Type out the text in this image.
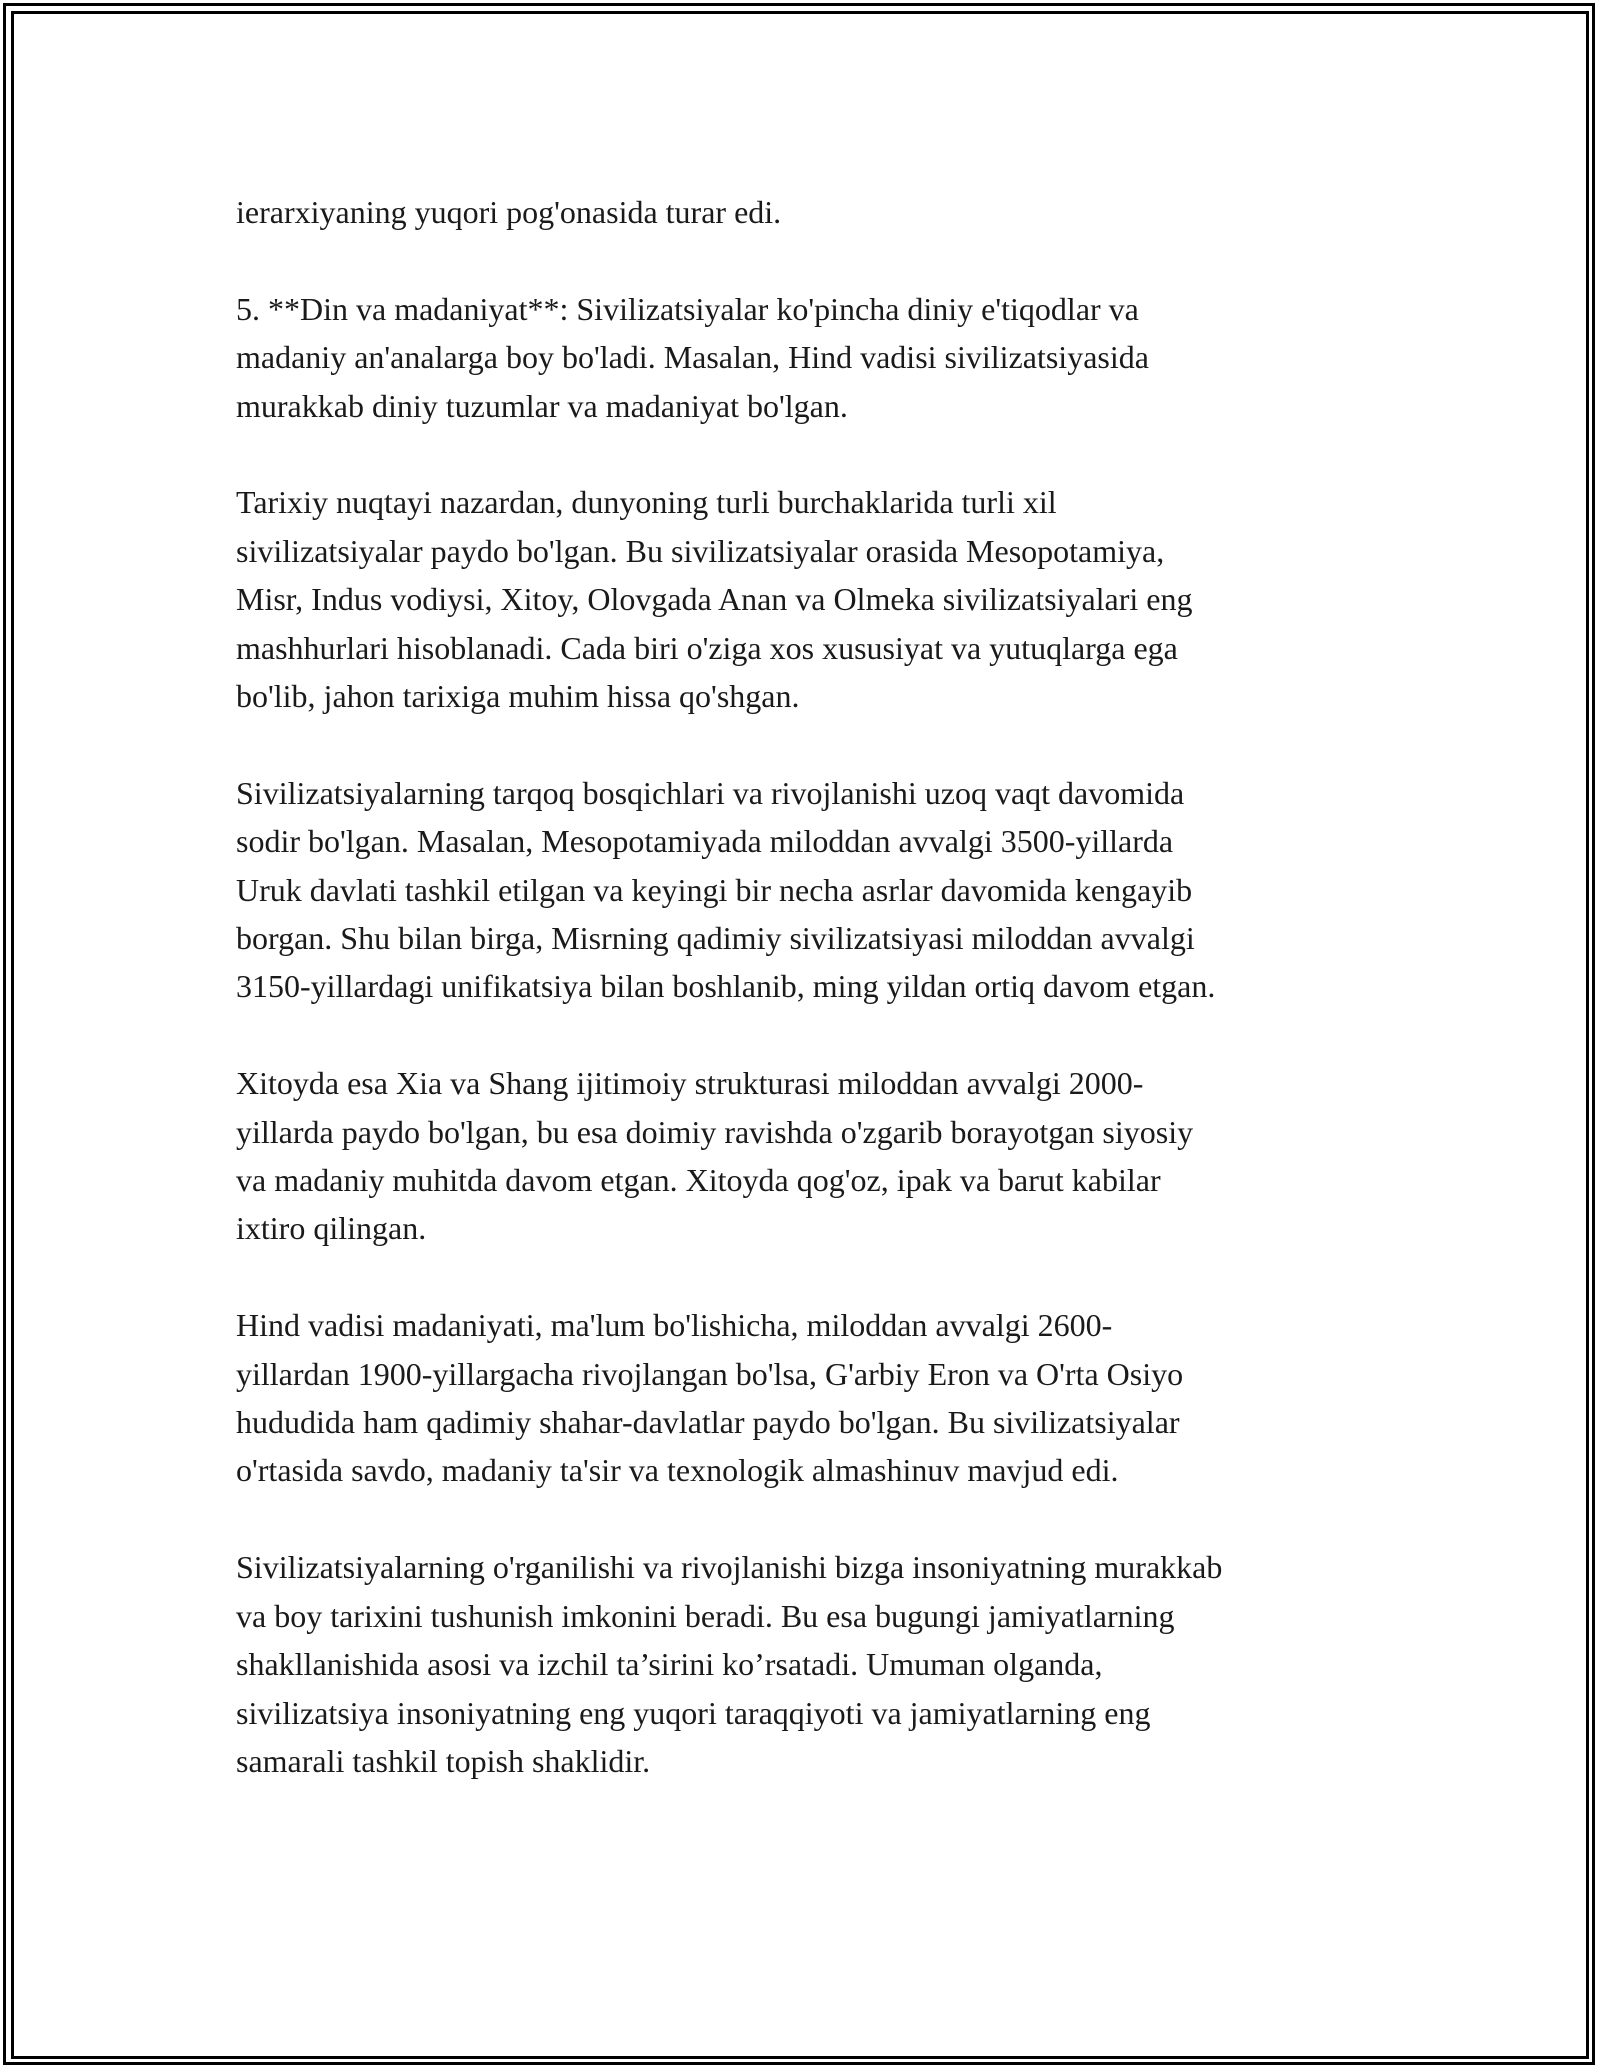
ierarxiyaning yuqori pog'onasida turar edi.

5. **Din va madaniyat**: Sivilizatsiyalar ko'pincha diniy e'tiqodlar va
madaniy an'analarga boy bo'ladi. Masalan, Hind vadisi sivilizatsiyasida
murakkab diniy tuzumlar va madaniyat bo'lgan.

Tarixiy nuqtayi nazardan, dunyoning turli burchaklarida turli xil
sivilizatsiyalar paydo bo'lgan. Bu sivilizatsiyalar orasida Mesopotamiya,
Misr, Indus vodiysi, Xitoy, Olovgada Anan va Olmeka sivilizatsiyalari eng
mashhurlari hisoblanadi. Cada biri o'ziga xos xususiyat va yutuqlarga ega
bo'lib, jahon tarixiga muhim hissa qo'shgan.

Sivilizatsiyalarning tarqoq bosqichlari va rivojlanishi uzoq vaqt davomida
sodir bo'lgan. Masalan, Mesopotamiyada miloddan avvalgi 3500-yillarda
Uruk davlati tashkil etilgan va keyingi bir necha asrlar davomida kengayib
borgan. Shu bilan birga, Misrning qadimiy sivilizatsiyasi miloddan avvalgi
3150-yillardagi unifikatsiya bilan boshlanib, ming yildan ortiq davom etgan.

Xitoyda esa Xia va Shang ijitimoiy strukturasi miloddan avvalgi 2000-
yillarda paydo bo'lgan, bu esa doimiy ravishda o'zgarib borayotgan siyosiy
va madaniy muhitda davom etgan. Xitoyda qog'oz, ipak va barut kabilar
ixtiro qilingan.

Hind vadisi madaniyati, ma'lum bo'lishicha, miloddan avvalgi 2600-
yillardan 1900-yillargacha rivojlangan bo'lsa, G'arbiy Eron va O'rta Osiyo
hududida ham qadimiy shahar-davlatlar paydo bo'lgan. Bu sivilizatsiyalar
o'rtasida savdo, madaniy ta'sir va texnologik almashinuv mavjud edi.

Sivilizatsiyalarning o'rganilishi va rivojlanishi bizga insoniyatning murakkab
va boy tarixini tushunish imkonini beradi. Bu esa bugungi jamiyatlarning
shakllanishida asosi va izchil ta’sirini ko’rsatadi. Umuman olganda,
sivilizatsiya insoniyatning eng yuqori taraqqiyoti va jamiyatlarning eng
samarali tashkil topish shaklidir.
